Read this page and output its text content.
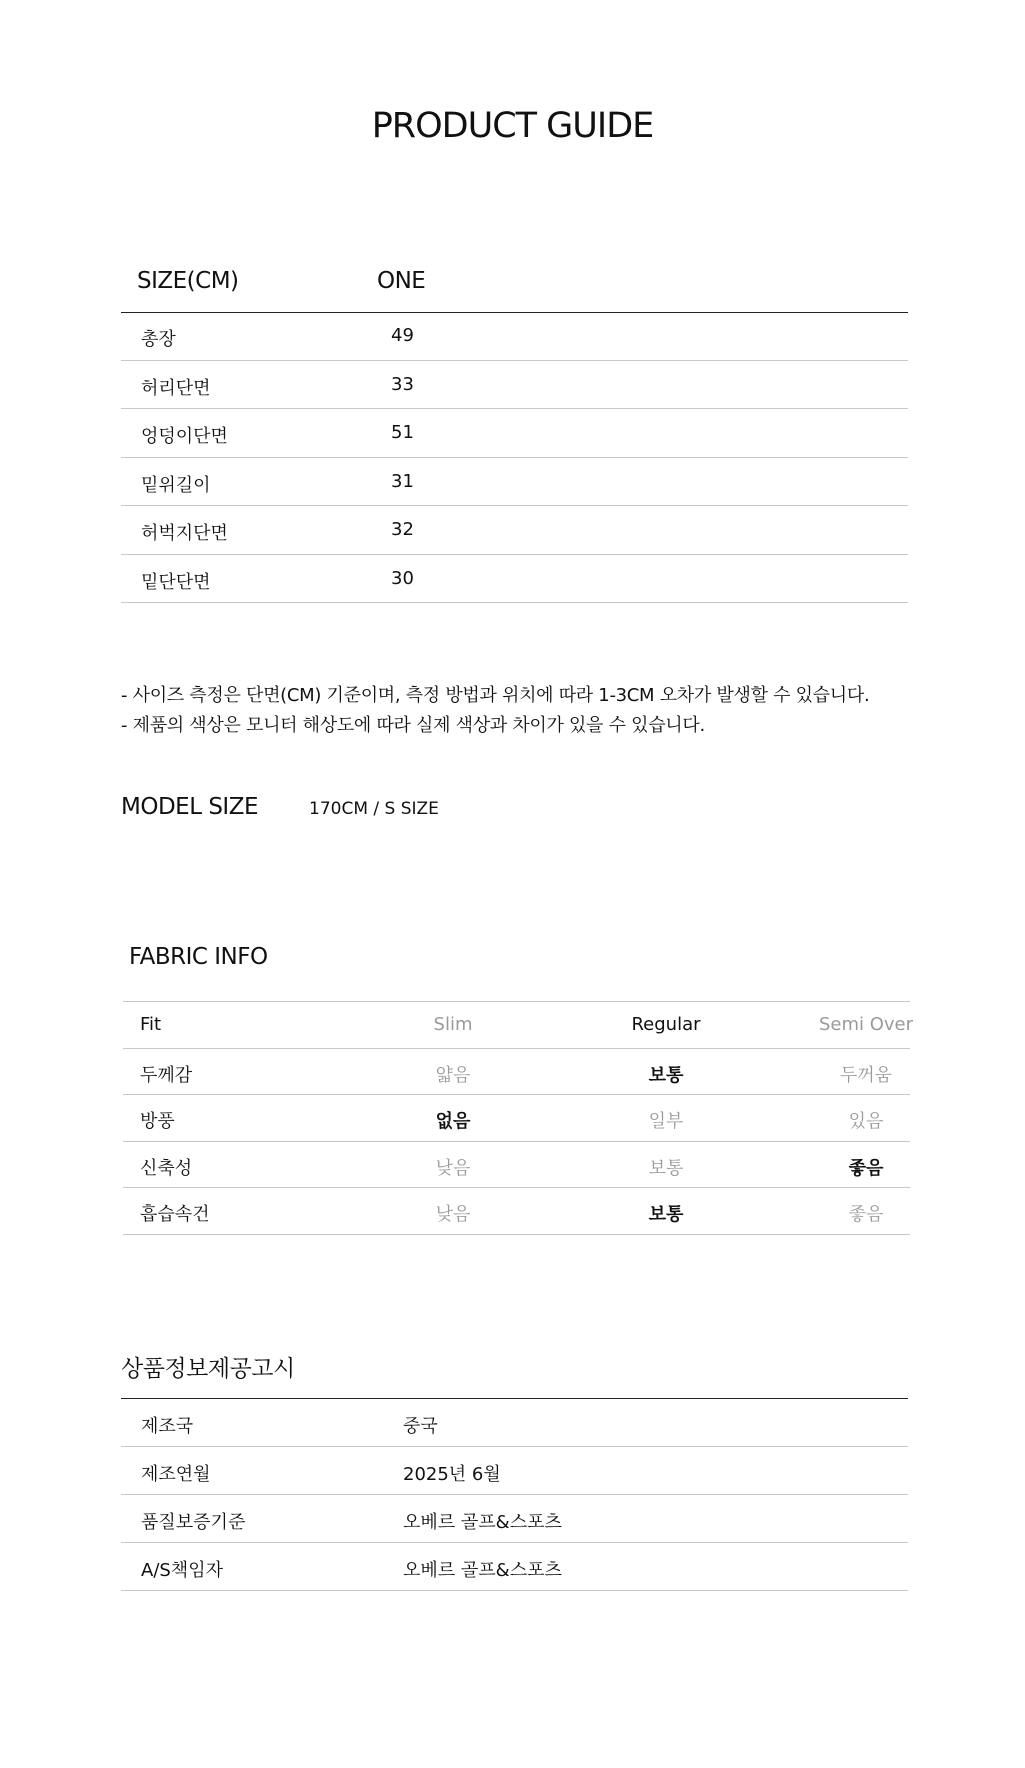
PRODUCT GUIDE
SIZE(CM)	ONE
총장	49
허리단면	33
엉덩이단면	51
밑위길이	31
허벅지단면	32
밑단단면	30
- 사이즈 측정은 단면(CM) 기준이며, 측정 방법과 위치에 따라 1-3CM 오차가 발생할 수 있습니다.
- 제품의 색상은 모니터 해상도에 따라 실제 색상과 차이가 있을 수 있습니다.
MODEL SIZE	170CM / S SIZE
FABRIC INFO
Fit	Slim	Regular	Semi Over
두께감	얇음	보통	두꺼움
방풍	없음	일부	있음
신축성	낮음	보통	좋음
흡습속건	낮음	보통	좋음
상품정보제공고시
제조국	중국
제조연월	2025년 6월
품질보증기준	오베르 골프&스포츠
A/S책임자	오베르 골프&스포츠
